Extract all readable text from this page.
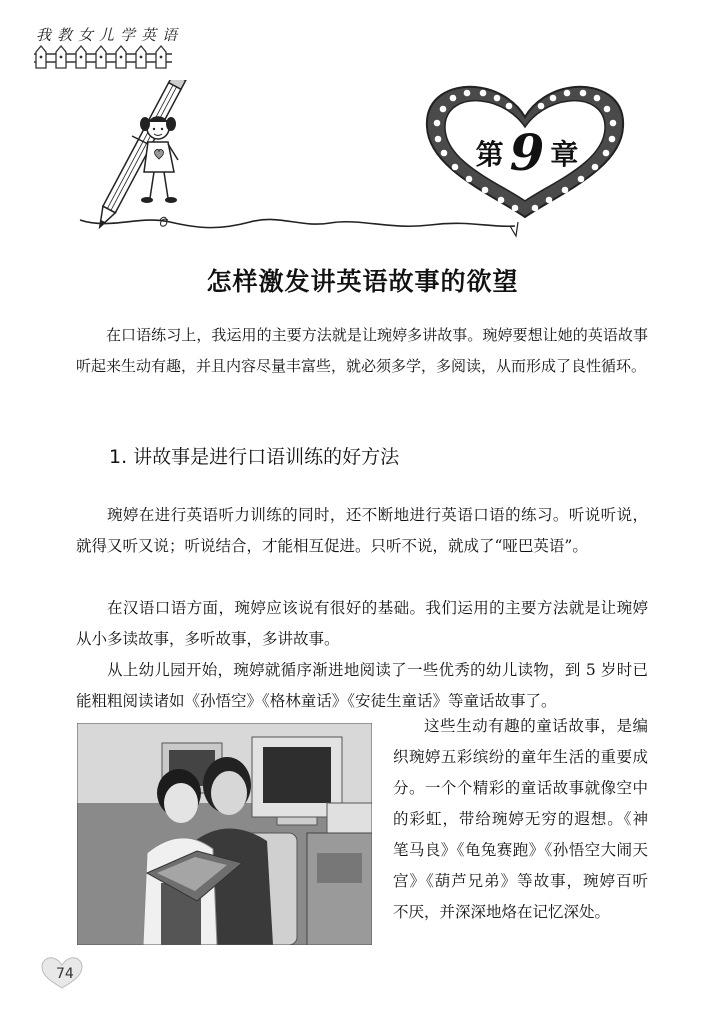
我教女儿学英语
第 9 章
怎样激发讲英语故事的欲望

在口语练习上，我运用的主要方法就是让琬婷多讲故事。琬婷要想让她的英语故事听起来生动有趣，并且内容尽量丰富些，就必须多学，多阅读，从而形成了良性循环。

1. 讲故事是进行口语训练的好方法

琬婷在进行英语听力训练的同时，还不断地进行英语口语的练习。听说听说，就得又听又说；听说结合，才能相互促进。只听不说，就成了“哑巴英语”。

在汉语口语方面，琬婷应该说有很好的基础。我们运用的主要方法就是让琬婷从小多读故事，多听故事，多讲故事。

从上幼儿园开始，琬婷就循序渐进地阅读了一些优秀的幼儿读物，到 5 岁时已能粗粗阅读诸如《孙悟空》《格林童话》《安徒生童话》等童话故事了。

这些生动有趣的童话故事，是编织琬婷五彩缤纷的童年生活的重要成分。一个个精彩的童话故事就像空中的彩虹，带给琬婷无穷的遐想。《神笔马良》《龟兔赛跑》《孙悟空大闹天宫》《葫芦兄弟》等故事，琬婷百听不厌，并深深地烙在记忆深处。

74
